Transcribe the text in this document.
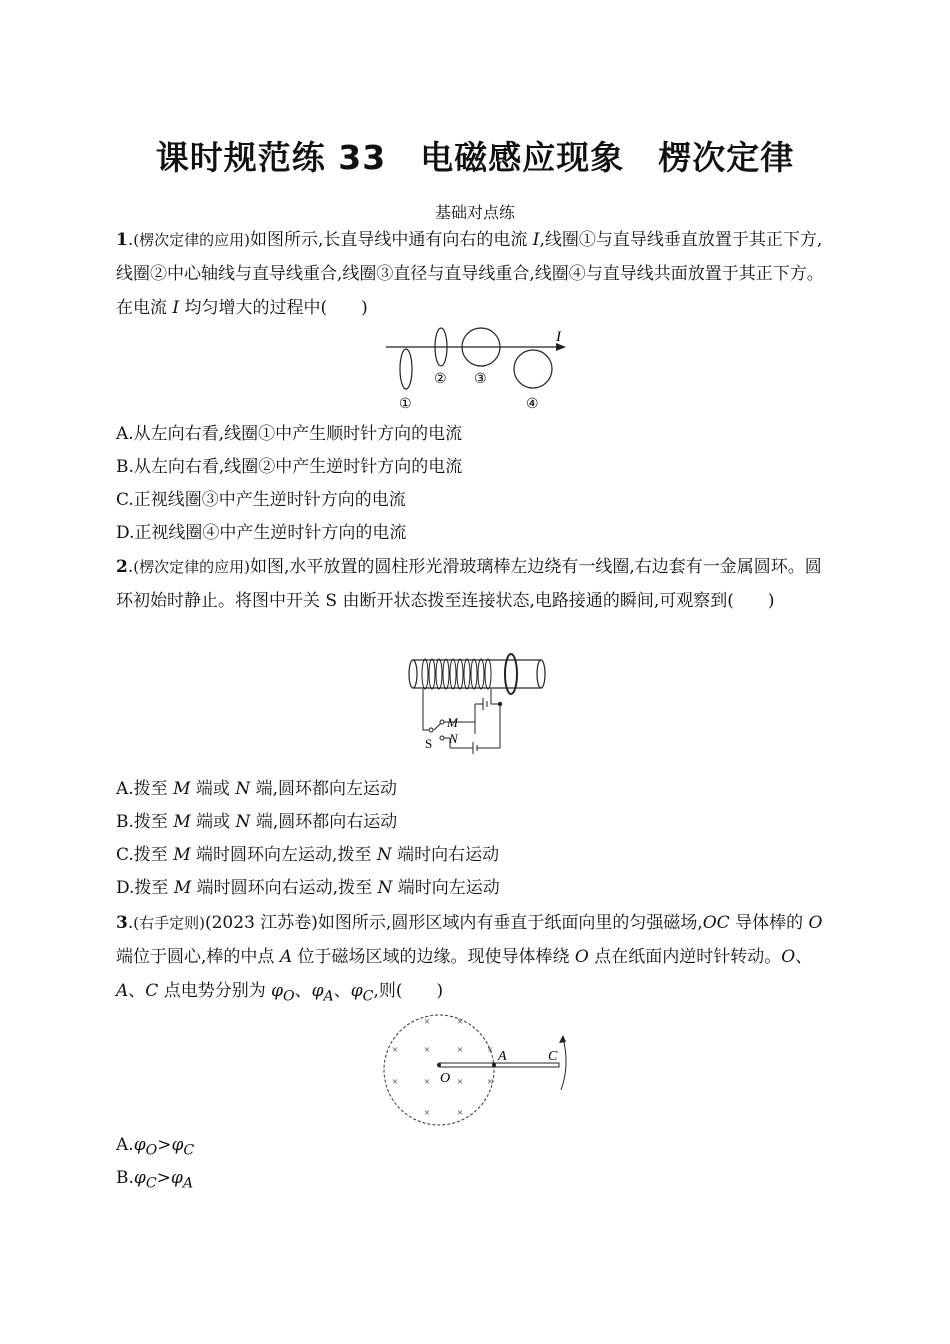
课时规范练 33　电磁感应现象　楞次定律
基础对点练
1.(楞次定律的应用)如图所示,长直导线中通有向右的电流 I,线圈①与直导线垂直放置于其正下方,线圈②中心轴线与直导线重合,线圈③直径与直导线重合,线圈④与直导线共面放置于其正下方。在电流 I 均匀增大的过程中(　　)
I
①
② ③
④
A.从左向右看,线圈①中产生顺时针方向的电流
B.从左向右看,线圈②中产生逆时针方向的电流
C.正视线圈③中产生逆时针方向的电流
D.正视线圈④中产生逆时针方向的电流
2.(楞次定律的应用)如图,水平放置的圆柱形光滑玻璃棒左边绕有一线圈,右边套有一金属圆环。圆环初始时静止。将图中开关 S 由断开状态拨至连接状态,电路接通的瞬间,可观察到(　　)
M
N
S
A.拨至 M 端或 N 端,圆环都向左运动
B.拨至 M 端或 N 端,圆环都向右运动
C.拨至 M 端时圆环向左运动,拨至 N 端时向右运动
D.拨至 M 端时圆环向右运动,拨至 N 端时向左运动
3.(右手定则)(2023 江苏卷)如图所示,圆形区域内有垂直于纸面向里的匀强磁场,OC 导体棒的 O 端位于圆心,棒的中点 A 位于磁场区域的边缘。现使导体棒绕 O 点在纸面内逆时针转动。O、A、C 点电势分别为 $\varphi_O$、$\varphi_A$、$\varphi_C$,则(　　)
× ×
× × × ×
× × × ×
× ×
O
A	C
$A.\varphi_O>\varphi_C$
$B.\varphi_C>\varphi_A$
